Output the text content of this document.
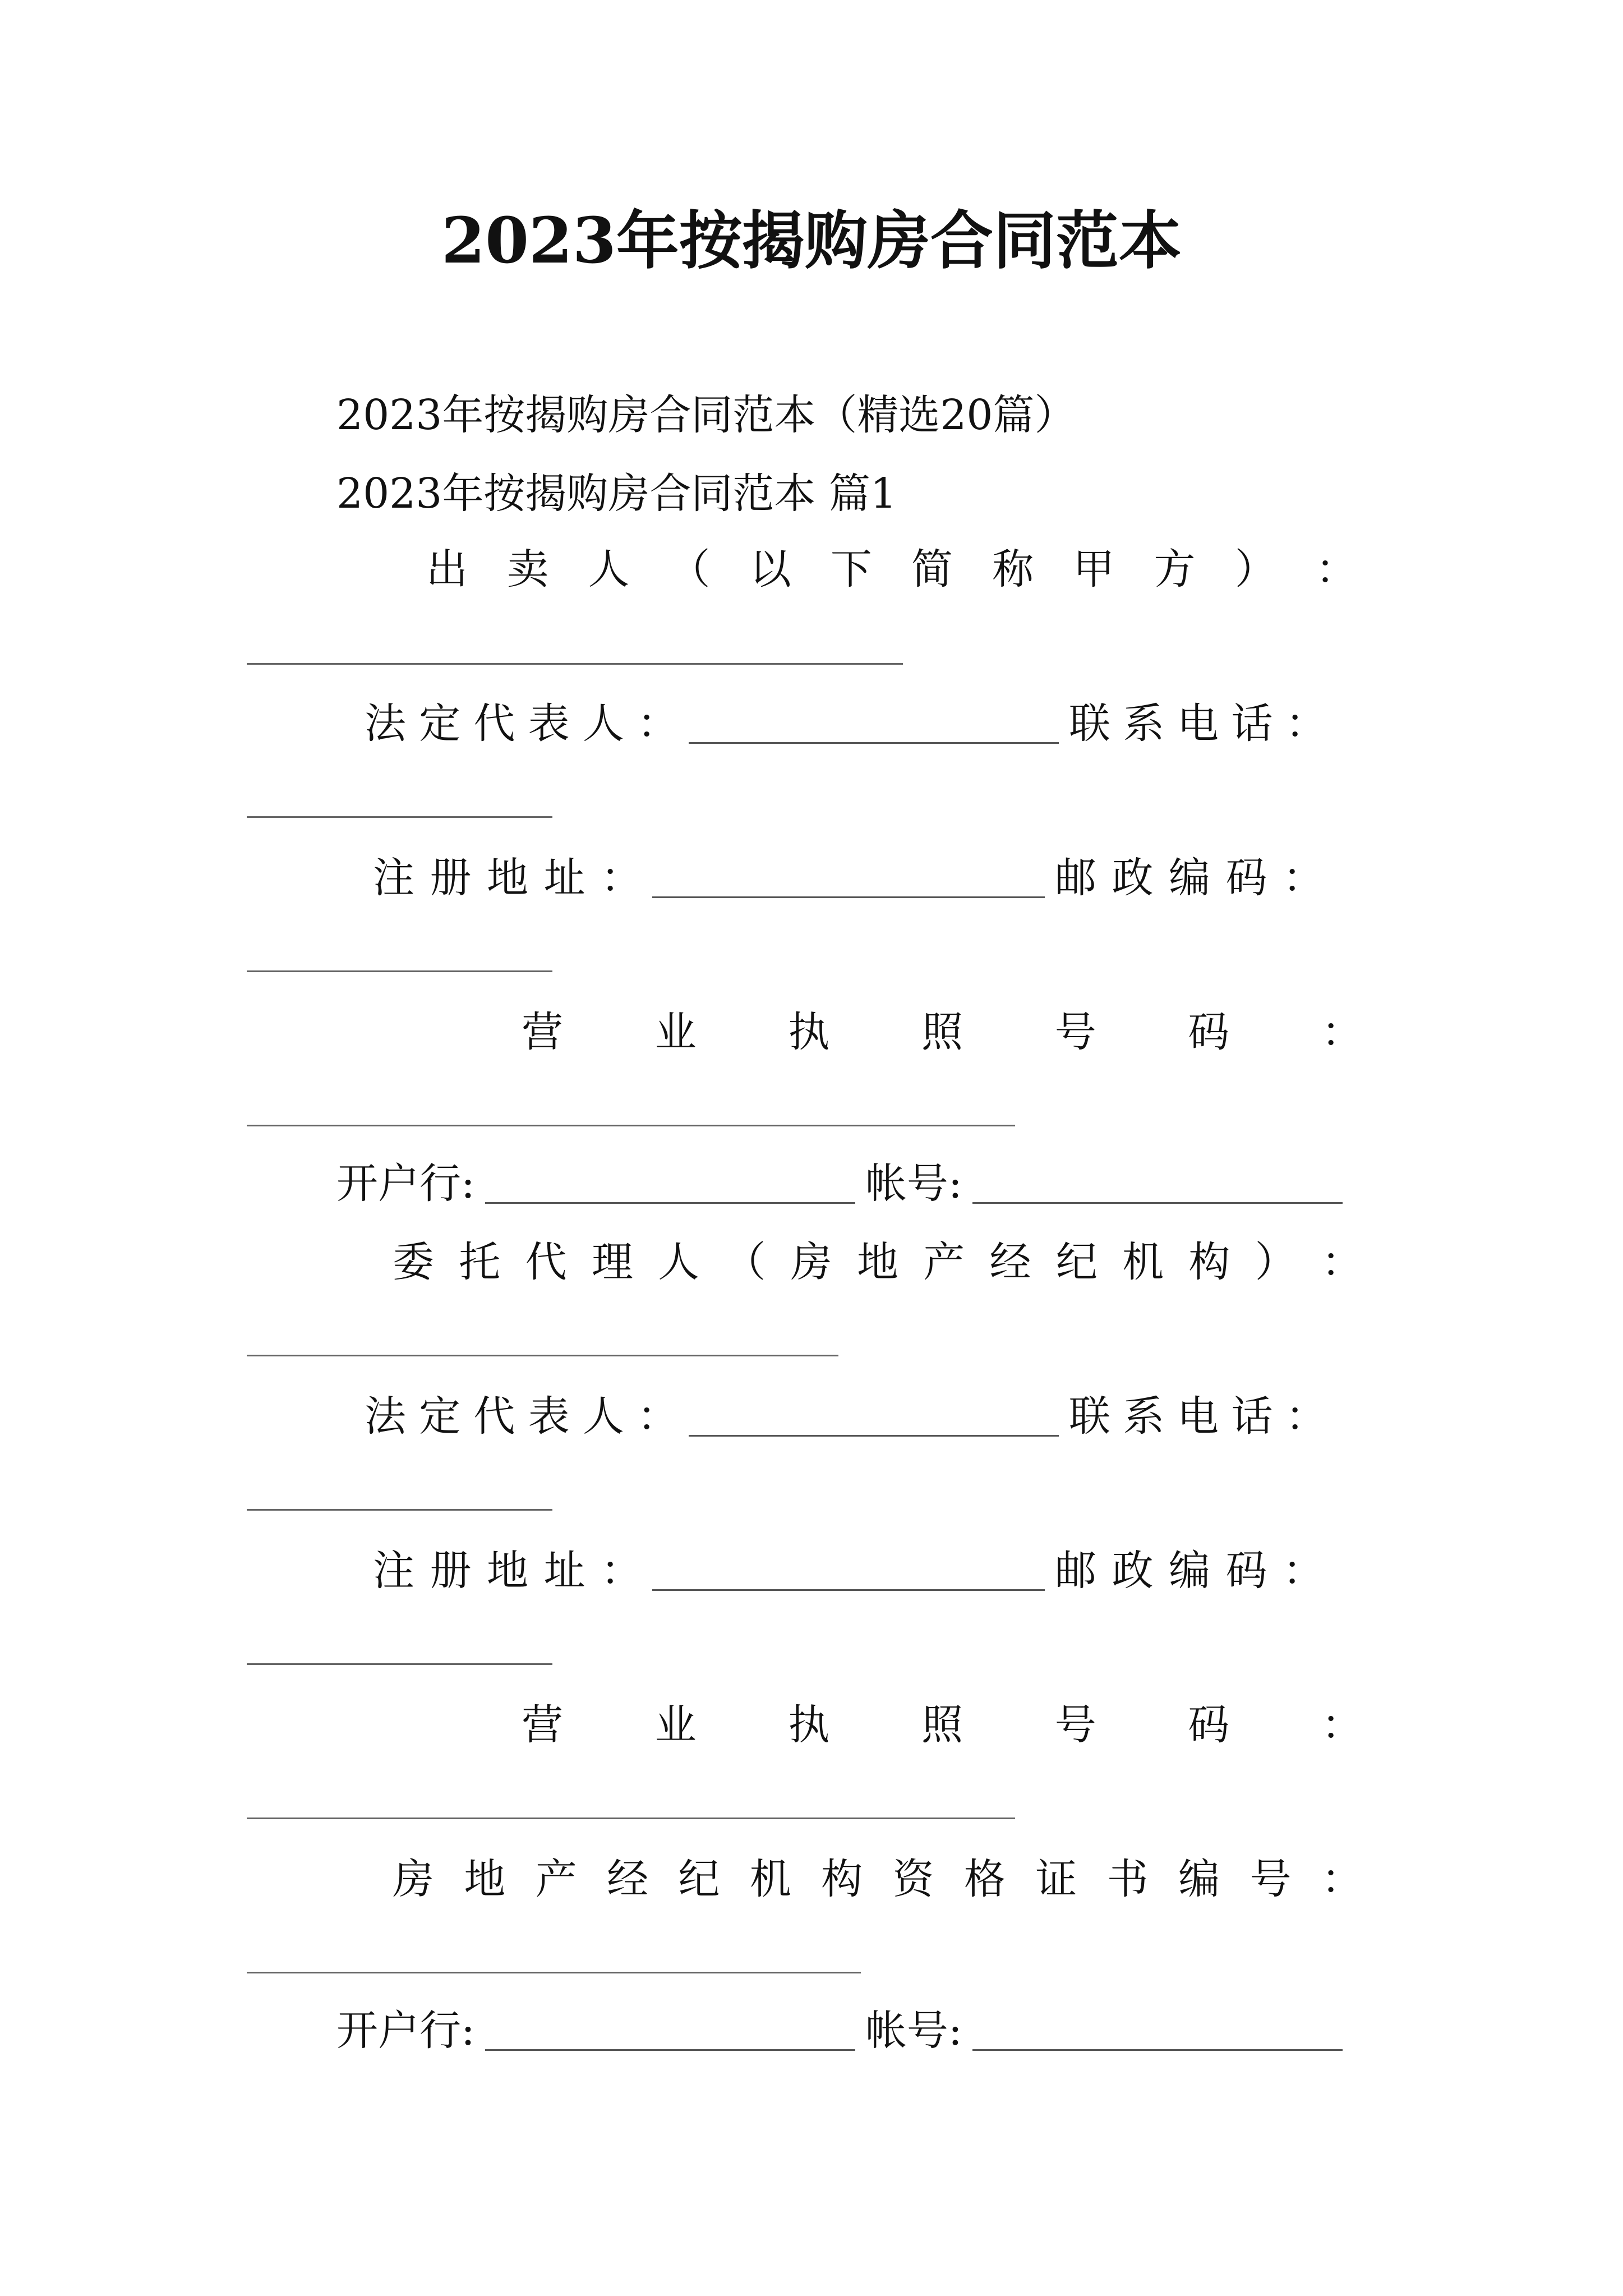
2023年按揭购房合同范本
2023年按揭购房合同范本（精选20篇）
2023年按揭购房合同范本 篇1
出 卖 人 （ 以 下 简 称 甲 方 ） ：
法 定 代 表 人 ：	联 系 电 话 ：
注 册 地 址 ：	邮 政 编 码 ：
营 业 执 照 号 码 ：
开户行:	帐号:
委 托 代 理 人 （ 房 地 产 经 纪 机 构 ） ：
法 定 代 表 人 ：	联 系 电 话 ：
注 册 地 址 ：	邮 政 编 码 ：
营 业 执 照 号 码 ：
房 地 产 经 纪 机 构 资 格 证 书 编 号 ：
开户行:	帐号:
